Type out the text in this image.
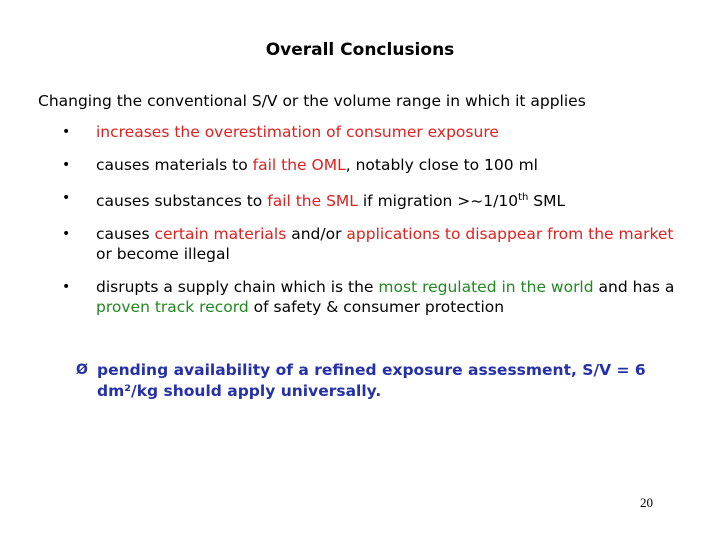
Overall Conclusions
Changing the conventional S/V or the volume range in which it applies
• increases the overestimation of consumer exposure
• causes materials to fail the OML, notably close to 100 ml
• causes substances to fail the SML if migration >~1/10th SML
• causes certain materials and/or applications to disappear from the market or become illegal
• disrupts a supply chain which is the most regulated in the world and has a proven track record of safety & consumer protection
Ø pending availability of a refined exposure assessment, S/V = 6 dm²/kg should apply universally.
20
